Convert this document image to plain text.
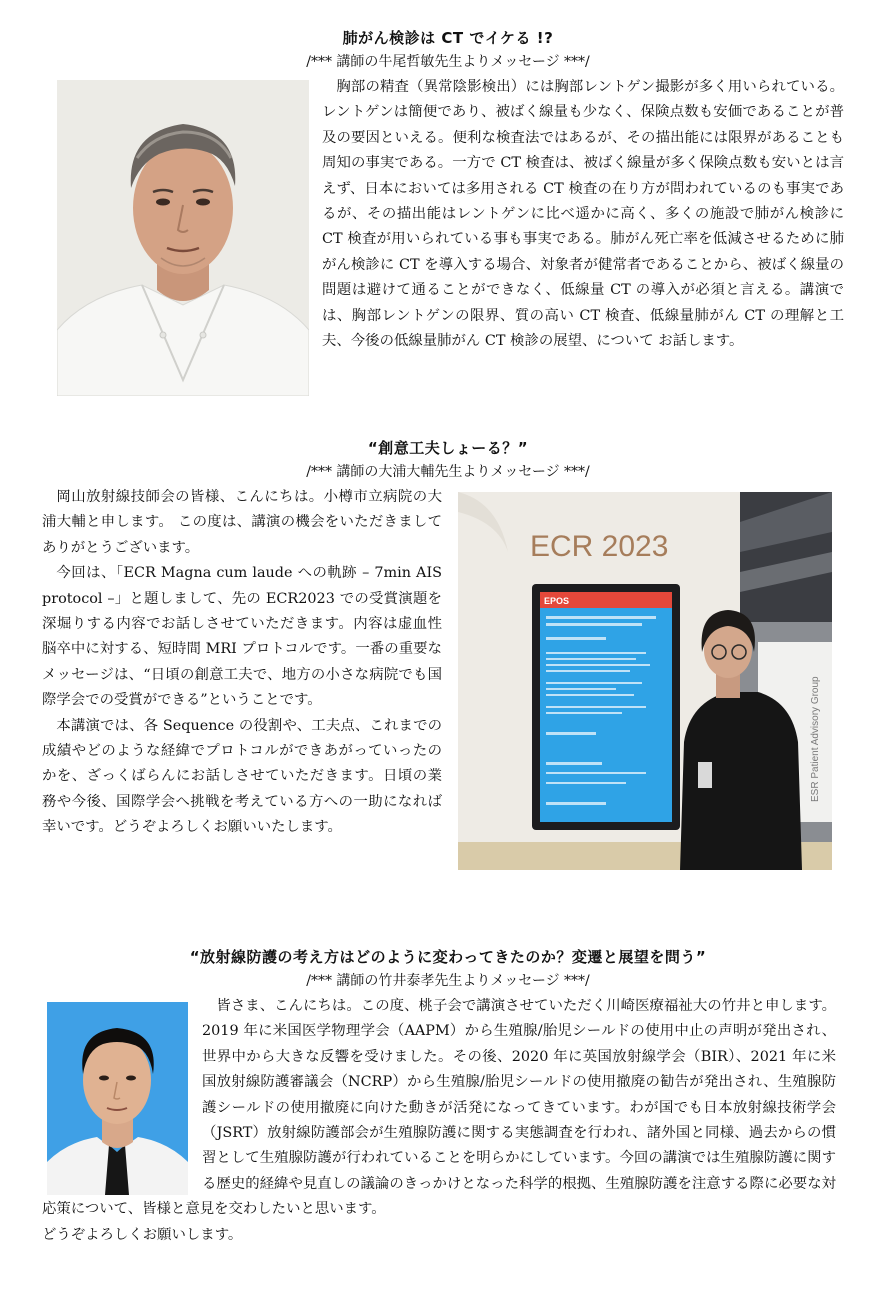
肺がん検診は CT でイケる !?
/*** 講師の牛尾哲敏先生よりメッセージ ***/

胸部の精査（異常陰影検出）には胸部レントゲン撮影が多く用いられている。レントゲンは簡便であり、被ばく線量も少なく、保険点数も安価であることが普及の要因といえる。便利な検査法ではあるが、その描出能には限界があることも周知の事実である。一方で CT 検査は、被ばく線量が多く保険点数も安いとは言えず、日本においては多用される CT 検査の在り方が問われているのも事実であるが、その描出能はレントゲンに比べ遥かに高く、多くの施設で肺がん検診に CT 検査が用いられている事も事実である。肺がん死亡率を低減させるために肺がん検診に CT を導入する場合、対象者が健常者であることから、被ばく線量の問題は避けて通ることができなく、低線量 CT の導入が必須と言える。講演では、胸部レントゲンの限界、質の高い CT 検査、低線量肺がん CT の理解と工夫、今後の低線量肺がん CT 検診の展望、について お話します。

“創意工夫しょーる？”
/*** 講師の大浦大輔先生よりメッセージ ***/

岡山放射線技師会の皆様、こんにちは。小樽市立病院の大浦大輔と申します。 この度は、講演の機会をいただきましてありがとうございます。

今回は、「ECR Magna cum laude への軌跡 – 7min AIS protocol –」と題しまして、先の ECR2023 での受賞演題を深堀りする内容でお話しさせていただきます。内容は虚血性脳卒中に対する、短時間 MRI プロトコルです。一番の重要なメッセージは、“日頃の創意工夫で、地方の小さな病院でも国際学会での受賞ができる”ということです。

本講演では、各 Sequence の役割や、工夫点、これまでの成績やどのような経緯でプロトコルができあがっていったのかを、ざっくばらんにお話しさせていただきます。日頃の業務や今後、国際学会へ挑戦を考えている方への一助になれば幸いです。どうぞよろしくお願いいたします。

ECR 2023
EPOS
ESR Patient Advisory Group
“放射線防護の考え方はどのように変わってきたのか？変遷と展望を問う”
/*** 講師の竹井泰孝先生よりメッセージ ***/

皆さま、こんにちは。この度、桃子会で講演させていただく川崎医療福祉大の竹井と申します。2019 年に米国医学物理学会（AAPM）から生殖腺/胎児シールドの使用中止の声明が発出され、世界中から大きな反響を受けました。その後、2020 年に英国放射線学会（BIR）、2021 年に米国放射線防護審議会（NCRP）から生殖腺/胎児シールドの使用撤廃の勧告が発出され、生殖腺防護シールドの使用撤廃に向けた動きが活発になってきています。わが国でも日本放射線技術学会（JSRT）放射線防護部会が生殖腺防護に関する実態調査を行われ、諸外国と同様、過去からの慣習として生殖腺防護が行われていることを明らかにしています。今回の講演では生殖腺防護に関する歴史的経緯や見直しの議論のきっかけとなった科学的根拠、生殖腺防護を注意する際に必要な対応策について、皆様と意見を交わしたいと思います。

どうぞよろしくお願いします。
